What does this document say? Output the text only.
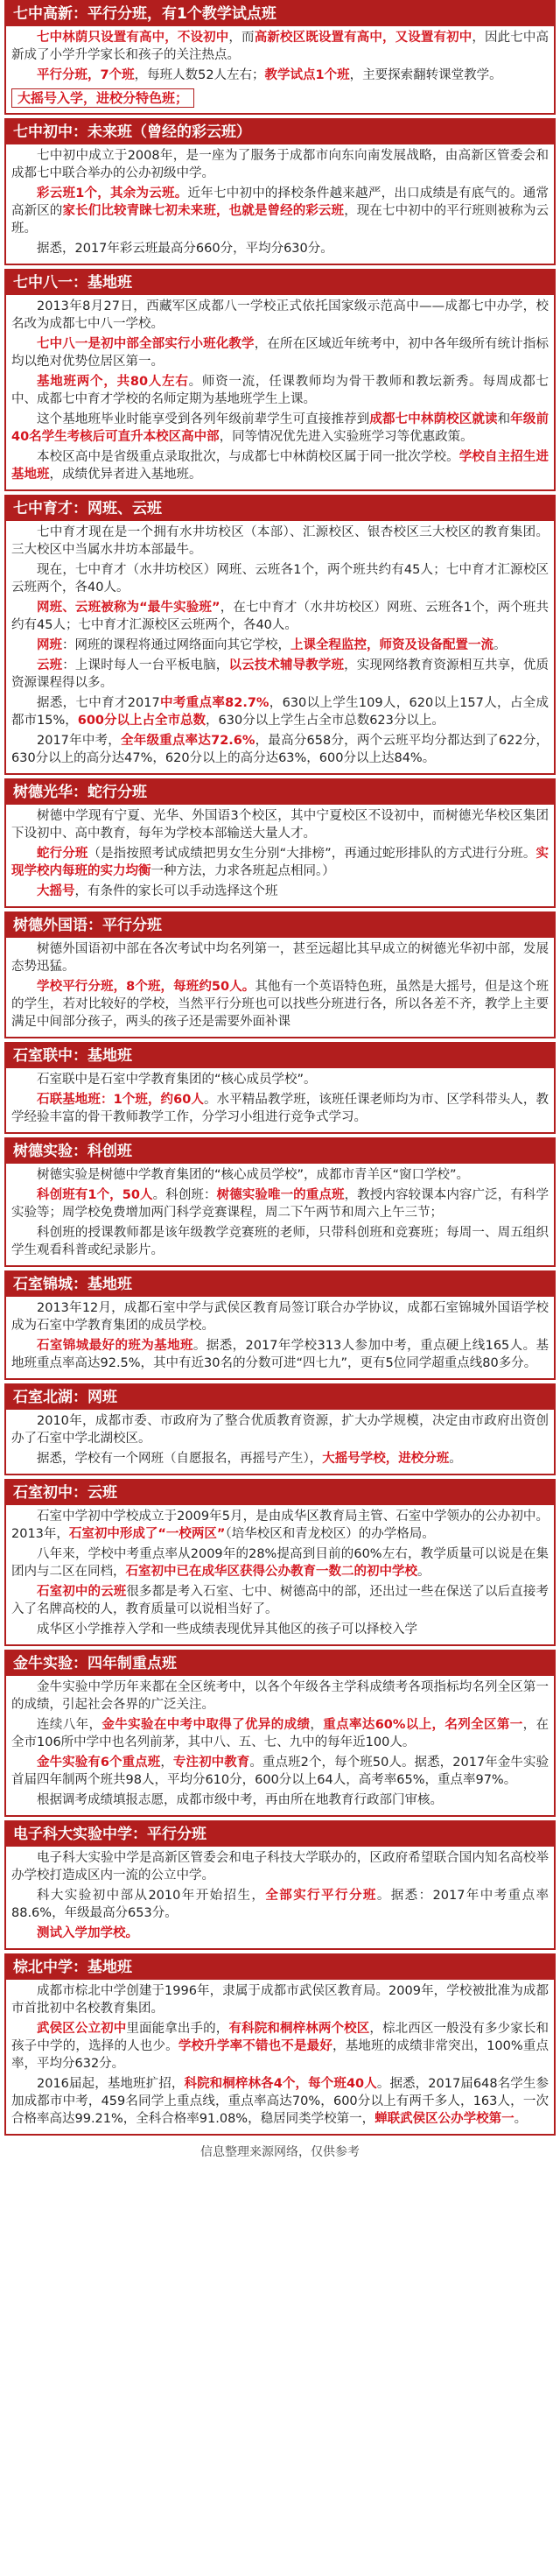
七中高新：平行分班，有1个教学试点班

七中林荫只设置有高中，不设初中，而高新校区既设置有高中，又设置有初中，因此七中高新成了小学升学家长和孩子的关注热点。

平行分班，7个班，每班人数52人左右；教学试点1个班，主要探索翻转课堂教学。

大摇号入学，进校分特色班；
七中初中：未来班（曾经的彩云班）

七中初中成立于2008年，是一座为了服务于成都市向东向南发展战略，由高新区管委会和成都七中联合举办的公办初级中学。

彩云班1个，其余为云班。近年七中初中的择校条件越来越严，出口成绩是有底气的。通常高新区的家长们比较青睐七初未来班，也就是曾经的彩云班，现在七中初中的平行班则被称为云班。

据悉，2017年彩云班最高分660分，平均分630分。

七中八一：基地班

2013年8月27日，西藏军区成都八一学校正式依托国家级示范高中——成都七中办学，校名改为成都七中八一学校。

七中八一是初中部全部实行小班化教学，在所在区域近年统考中，初中各年级所有统计指标均以绝对优势位居区第一。

基地班两个，共80人左右。师资一流，任课教师均为骨干教师和教坛新秀。每周成都七中、成都七中育才学校的名师定期为基地班学生上课。

这个基地班毕业时能享受到各列年级前辈学生可直接推荐到成都七中林荫校区就读和年级前40名学生考核后可直升本校区高中部，同等情况优先进入实验班学习等优惠政策。

本校区高中是省级重点录取批次，与成都七中林荫校区属于同一批次学校。学校自主招生进基地班，成绩优异者进入基地班。

七中育才：网班、云班

七中育才现在是一个拥有水井坊校区（本部）、汇源校区、银杏校区三大校区的教育集团。三大校区中当属水井坊本部最牛。

现在，七中育才（水井坊校区）网班、云班各1个，两个班共约有45人；七中育才汇源校区云班两个，各40人。

网班、云班被称为“最牛实验班”，在七中育才（水井坊校区）网班、云班各1个，两个班共约有45人；七中育才汇源校区云班两个，各40人。

网班：网班的课程将通过网络面向其它学校，上课全程监控，师资及设备配置一流。

云班：上课时每人一台平板电脑，以云技术辅导教学班，实现网络教育资源相互共享，优质资源课程得以多。

据悉，七中育才2017中考重点率82.7%，630以上学生109人，620以上157人，占全成都市15%，600分以上占全市总数，630分以上学生占全市总数623分以上。

2017年中考，全年级重点率达72.6%，最高分658分，两个云班平均分都达到了622分，630分以上的高分达47%，620分以上的高分达63%，600分以上达84%。

树德光华：蛇行分班

树德中学现有宁夏、光华、外国语3个校区，其中宁夏校区不设初中，而树德光华校区集团下设初中、高中教育，每年为学校本部输送大量人才。

蛇行分班（是指按照考试成绩把男女生分别“大排榜”，再通过蛇形排队的方式进行分班。实现学校内每班的实力均衡一种方法，力求各班起点相同。）

大摇号，有条件的家长可以手动选择这个班

树德外国语：平行分班

树德外国语初中部在各次考试中均名列第一，甚至远超比其早成立的树德光华初中部，发展态势迅猛。

学校平行分班，8个班，每班约50人。其他有一个英语特色班，虽然是大摇号，但是这个班的学生，若对比较好的学校，当然平行分班也可以找些分班进行各，所以各差不齐，教学上主要满足中间部分孩子，两头的孩子还是需要外面补课

石室联中：基地班

石室联中是石室中学教育集团的“核心成员学校”。

石联基地班：1个班，约60人。水平精品教学班，该班任课老师均为市、区学科带头人，教学经验丰富的骨干教师教学工作，分学习小组进行竞争式学习。

树德实验：科创班

树德实验是树德中学教育集团的“核心成员学校”，成都市青羊区“窗口学校”。

科创班有1个，50人。科创班：树德实验唯一的重点班，教授内容较课本内容广泛，有科学实验等；周学校免费增加两门科学竞赛课程，周二下午两节和周六上午三节；

科创班的授课教师都是该年级教学竞赛班的老师，只带科创班和竞赛班；每周一、周五组织学生观看科普或纪录影片。

石室锦城：基地班

2013年12月，成都石室中学与武侯区教育局签订联合办学协议，成都石室锦城外国语学校成为石室中学教育集团的成员学校。

石室锦城最好的班为基地班。据悉，2017年学校313人参加中考，重点硬上线165人。基地班重点率高达92.5%，其中有近30名的分数可进“四七九”，更有5位同学超重点线80多分。

石室北湖：网班

2010年，成都市委、市政府为了整合优质教育资源，扩大办学规模，决定由市政府出资创办了石室中学北湖校区。

据悉，学校有一个网班（自愿报名，再摇号产生），大摇号学校，进校分班。

石室初中：云班

石室中学初中学校成立于2009年5月，是由成华区教育局主管、石室中学领办的公办初中。2013年，石室初中形成了“一校两区”（培华校区和青龙校区）的办学格局。

八年来，学校中考重点率从2009年的28%提高到目前的60%左右，教学质量可以说是在集团内与二区在同档，石室初中已在成华区获得公办教育一数二的初中学校。

石室初中的云班很多都是考入石室、七中、树德高中的部，还出过一些在保送了以后直接考入了名牌高校的人，教育质量可以说相当好了。

成华区小学推荐入学和一些成绩表现优异其他区的孩子可以择校入学

金牛实验：四年制重点班

金牛实验中学历年来都在全区统考中，以各个年级各主学科成绩考各项指标均名列全区第一的成绩，引起社会各界的广泛关注。

连续八年，金牛实验在中考中取得了优异的成绩，重点率达60%以上，名列全区第一，在全市106所中学中也名列前茅，其中八、五、七、九中的每年近100人。

金牛实验有6个重点班，专注初中教育。重点班2个，每个班50人。据悉，2017年金牛实验首届四年制两个班共98人，平均分610分，600分以上64人，高考率65%，重点率97%。

根据调考成绩填报志愿，成都市级中考，再由所在地教育行政部门审核。

电子科大实验中学：平行分班

电子科大实验中学是高新区管委会和电子科技大学联办的，区政府希望联合国内知名高校举办学校打造成区内一流的公立中学。

科大实验初中部从2010年开始招生，全部实行平行分班。据悉：2017年中考重点率88.6%，年级最高分653分。

测试入学加学校。

棕北中学：基地班

成都市棕北中学创建于1996年，隶属于成都市武侯区教育局。2009年，学校被批准为成都市首批初中名校教育集团。

武侯区公立初中里面能拿出手的，有科院和桐梓林两个校区，棕北西区一般没有多少家长和孩子中学的，选择的人也少。学校升学率不错也不是最好，基地班的成绩非常突出，100%重点率，平均分632分。

2016届起，基地班扩招，科院和桐梓林各4个，每个班40人。据悉，2017届648名学生参加成都市中考，459名同学上重点线，重点率高达70%，600分以上有两千多人，163人，一次合格率高达99.21%，全科合格率91.08%，稳居同类学校第一，蝉联武侯区公办学校第一。

信息整理来源网络，仅供参考
